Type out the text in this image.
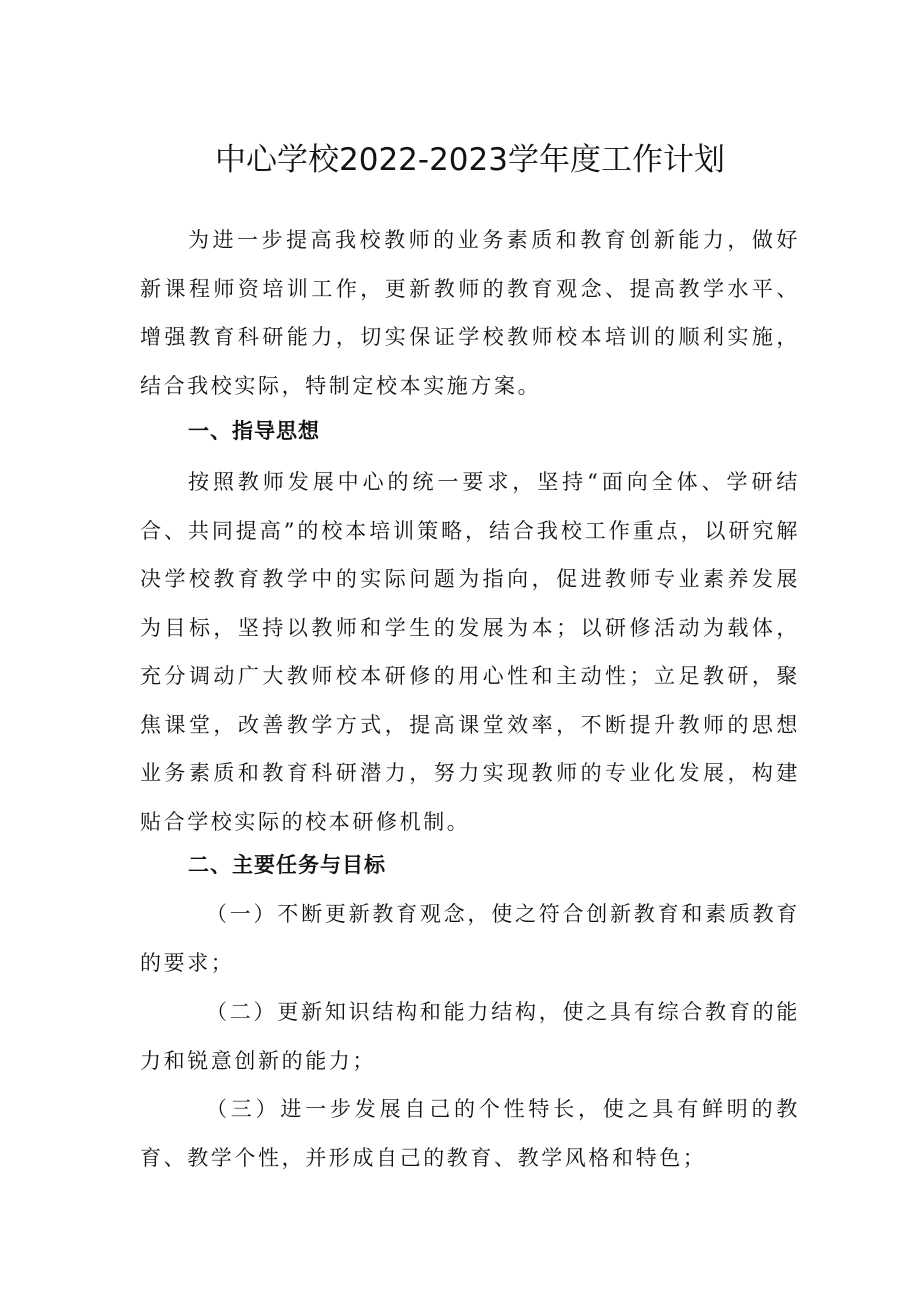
中心学校2022-2023学年度工作计划

为进一步提高我校教师的业务素质和教育创新能力，做好新课程师资培训工作，更新教师的教育观念、提高教学水平、增强教育科研能力，切实保证学校教师校本培训的顺利实施，结合我校实际，特制定校本实施方案。

一、指导思想

按照教师发展中心的统一要求，坚持“面向全体、学研结合、共同提高”的校本培训策略，结合我校工作重点，以研究解决学校教育教学中的实际问题为指向，促进教师专业素养发展为目标，坚持以教师和学生的发展为本；以研修活动为载体，充分调动广大教师校本研修的用心性和主动性；立足教研，聚焦课堂，改善教学方式，提高课堂效率，不断提升教师的思想业务素质和教育科研潜力，努力实现教师的专业化发展，构建贴合学校实际的校本研修机制。

二、主要任务与目标

（一）不断更新教育观念，使之符合创新教育和素质教育的要求；

（二）更新知识结构和能力结构，使之具有综合教育的能力和锐意创新的能力；

（三）进一步发展自己的个性特长，使之具有鲜明的教育、教学个性，并形成自己的教育、教学风格和特色；
